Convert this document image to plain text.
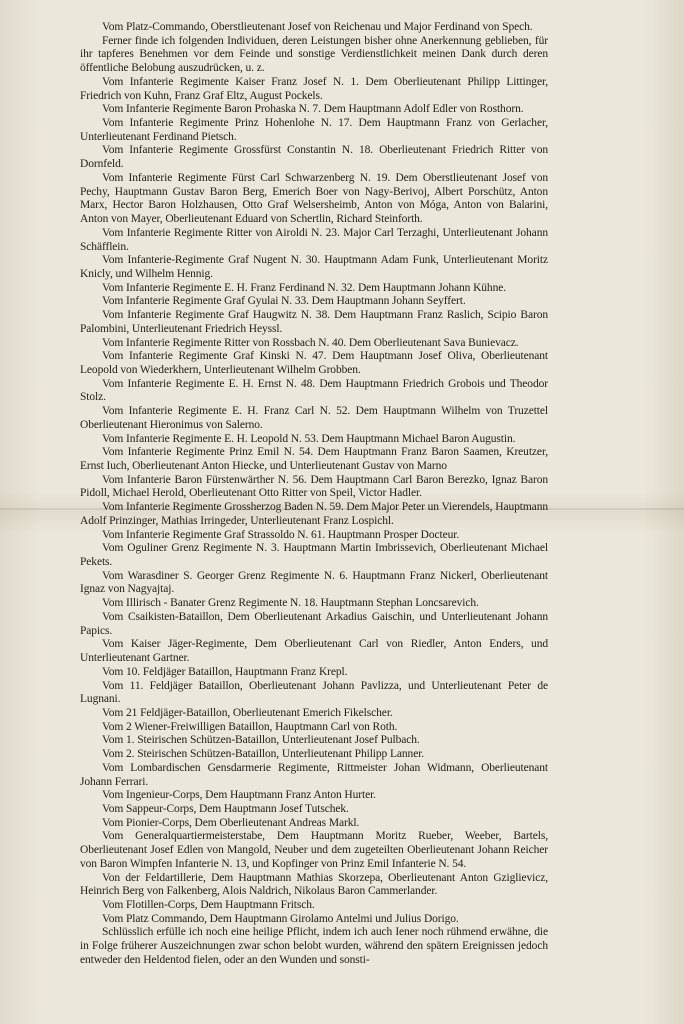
Vom Platz-Commando, Oberstlieutenant Josef von Reichenau und Major Ferdinand von Spech.

Ferner finde ich folgenden Individuen, deren Leistungen bisher ohne Anerkennung geblieben, für ihr tapferes Benehmen vor dem Feinde und sonstige Verdienstlichkeit meinen Dank durch deren öffentliche Belobung auszudrücken, u. z.

Vom Infanterie Regimente Kaiser Franz Josef N. 1. Dem Oberlieutenant Philipp Littinger, Friedrich von Kuhn, Franz Graf Eltz, August Pockels.

Vom Infanterie Regimente Baron Prohaska N. 7. Dem Hauptmann Adolf Edler von Rosthorn.

Vom Infanterie Regimente Prinz Hohenlohe N. 17. Dem Hauptmann Franz von Gerlacher, Unterlieutenant Ferdinand Pietsch.

Vom Infanterie Regimente Grossfürst Constantin N. 18. Oberlieutenant Friedrich Ritter von Dornfeld.

Vom Infanterie Regimente Fürst Carl Schwarzenberg N. 19. Dem Oberstlieutenant Josef von Pechy, Hauptmann Gustav Baron Berg, Emerich Boer von Nagy-Berivoj, Albert Porschütz, Anton Marx, Hector Baron Holzhausen, Otto Graf Welsersheimb, Anton von Móga, Anton von Balarini, Anton von Mayer, Oberlieutenant Eduard von Schertlin, Richard Steinforth.

Vom Infanterie Regimente Ritter von Airoldi N. 23. Major Carl Terzaghi, Unterlieutenant Johann Schäfflein.

Vom Infanterie-Regimente Graf Nugent N. 30. Hauptmann Adam Funk, Unterlieutenant Moritz Knicly, und Wilhelm Hennig.

Vom Infanterie Regimente E. H. Franz Ferdinand N. 32. Dem Hauptmann Johann Kühne.

Vom Infanterie Regimente Graf Gyulai N. 33. Dem Hauptmann Johann Seyffert.

Vom Infanterie Regimente Graf Haugwitz N. 38. Dem Hauptmann Franz Raslich, Scipio Baron Palombini, Unterlieutenant Friedrich Heyssl.

Vom Infanterie Regimente Ritter von Rossbach N. 40. Dem Oberlieutenant Sava Bunievacz.

Vom Infanterie Regimente Graf Kinski N. 47. Dem Hauptmann Josef Oliva, Oberlieutenant Leopold von Wiederkhern, Unterlieutenant Wilhelm Grobben.

Vom Infanterie Regimente E. H. Ernst N. 48. Dem Hauptmann Friedrich Grobois und Theodor Stolz.

Vom Infanterie Regimente E. H. Franz Carl N. 52. Dem Hauptmann Wilhelm von Truzettel Oberlieutenant Hieronimus von Salerno.

Vom Infanterie Regimente E. H. Leopold N. 53. Dem Hauptmann Michael Baron Augustin.

Vom Infanterie Regimente Prinz Emil N. 54. Dem Hauptmann Franz Baron Saamen, Kreutzer, Ernst Iuch, Oberlieutenant Anton Hiecke, und Unterlieutenant Gustav von Marno

Vom Infanterie Baron Fürstenwärther N. 56. Dem Hauptmann Carl Baron Berezko, Ignaz Baron Pidoll, Michael Herold, Oberlieutenant Otto Ritter von Speil, Victor Hadler.

Vom Infanterie Regimente Grossherzog Baden N. 59. Dem Major Peter un Vierendels, Hauptmann Adolf Prinzinger, Mathias Irringeder, Unterlieutenant Franz Lospichl.

Vom Infanterie Regimente Graf Strassoldo N. 61. Hauptmann Prosper Docteur.

Vom Oguliner Grenz Regimente N. 3. Hauptmann Martin Imbrissevich, Oberlieutenant Michael Pekets.

Vom Warasdiner S. Georger Grenz Regimente N. 6. Hauptmann Franz Nickerl, Oberlieutenant Ignaz von Nagyajtaj.

Vom Illirisch - Banater Grenz Regimente N. 18. Hauptmann Stephan Loncsarevich.

Vom Csaikisten-Bataillon, Dem Oberlieutenant Arkadius Gaischin, und Unterlieutenant Johann Papics.

Vom Kaiser Jäger-Regimente, Dem Oberlieutenant Carl von Riedler, Anton Enders, und Unterlieutenant Gartner.

Vom 10. Feldjäger Bataillon, Hauptmann Franz Krepl.

Vom 11. Feldjäger Bataillon, Oberlieutenant Johann Pavlizza, und Unterlieutenant Peter de Lugnani.

Vom 21 Feldjäger-Bataillon, Oberlieutenant Emerich Fikelscher.

Vom 2 Wiener-Freiwilligen Bataillon, Hauptmann Carl von Roth.

Vom 1. Steirischen Schützen-Bataillon, Unterlieutenant Josef Pulbach.

Vom 2. Steirischen Schützen-Bataillon, Unterlieutenant Philipp Lanner.

Vom Lombardischen Gensdarmerie Regimente, Rittmeister Johan Widmann, Oberlieutenant Johann Ferrari.

Vom Ingenieur-Corps, Dem Hauptmann Franz Anton Hurter.

Vom Sappeur-Corps, Dem Hauptmann Josef Tutschek.

Vom Pionier-Corps, Dem Oberlieutenant Andreas Markl.

Vom Generalquartiermeisterstabe, Dem Hauptmann Moritz Rueber, Weeber, Bartels, Oberlieutenant Josef Edlen von Mangold, Neuber und dem zugeteilten Oberlieutenant Johann Reicher von Baron Wimpfen Infanterie N. 13, und Kopfinger von Prinz Emil Infanterie N. 54.

Von der Feldartillerie, Dem Hauptmann Mathias Skorzepa, Oberlieutenant Anton Gziglievicz, Heinrich Berg von Falkenberg, Alois Naldrich, Nikolaus Baron Cammerlander.

Vom Flotillen-Corps, Dem Hauptmann Fritsch.

Vom Platz Commando, Dem Hauptmann Girolamo Antelmi und Julius Dorigo.

Schlüsslich erfülle ich noch eine heilige Pflicht, indem ich auch Iener noch rühmend erwähne, die in Folge früherer Auszeichnungen zwar schon belobt wurden, während den spätern Ereignissen jedoch entweder den Heldentod fielen, oder an den Wunden und sonsti-
